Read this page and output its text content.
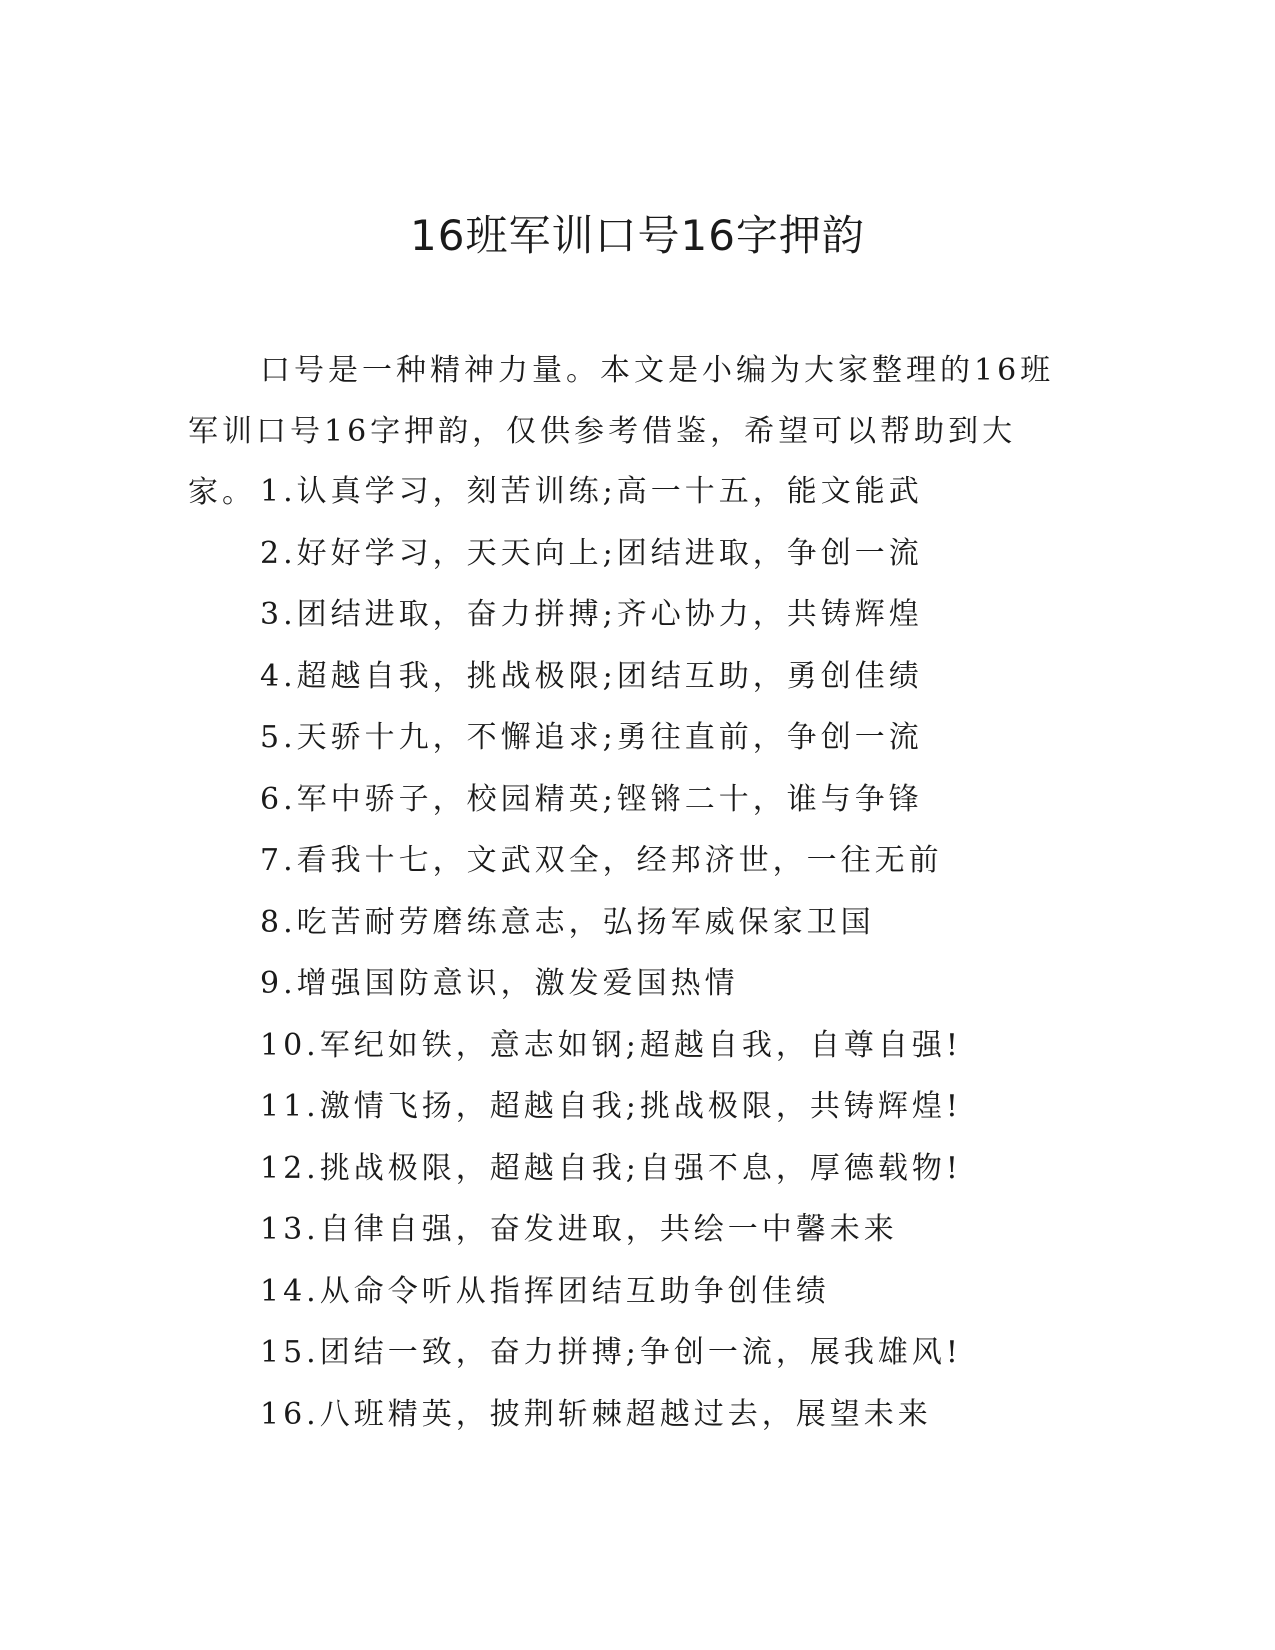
16班军训口号16字押韵

口号是一种精神力量。本文是小编为大家整理的16班军训口号16字押韵，仅供参考借鉴，希望可以帮助到大家。 1.认真学习，刻苦训练;高一十五，能文能武
2.好好学习，天天向上;团结进取，争创一流
3.团结进取，奋力拼搏;齐心协力，共铸辉煌
4.超越自我，挑战极限;团结互助，勇创佳绩
5.天骄十九，不懈追求;勇往直前，争创一流
6.军中骄子，校园精英;铿锵二十，谁与争锋
7.看我十七，文武双全，经邦济世，一往无前
8.吃苦耐劳磨练意志，弘扬军威保家卫国
9.增强国防意识，激发爱国热情
10.军纪如铁，意志如钢;超越自我，自尊自强!
11.激情飞扬，超越自我;挑战极限，共铸辉煌!
12.挑战极限，超越自我;自强不息，厚德载物!
13.自律自强，奋发进取，共绘一中馨未来
14.从命令听从指挥团结互助争创佳绩
15.团结一致，奋力拼搏;争创一流，展我雄风!
16.八班精英，披荆斩棘超越过去，展望未来
